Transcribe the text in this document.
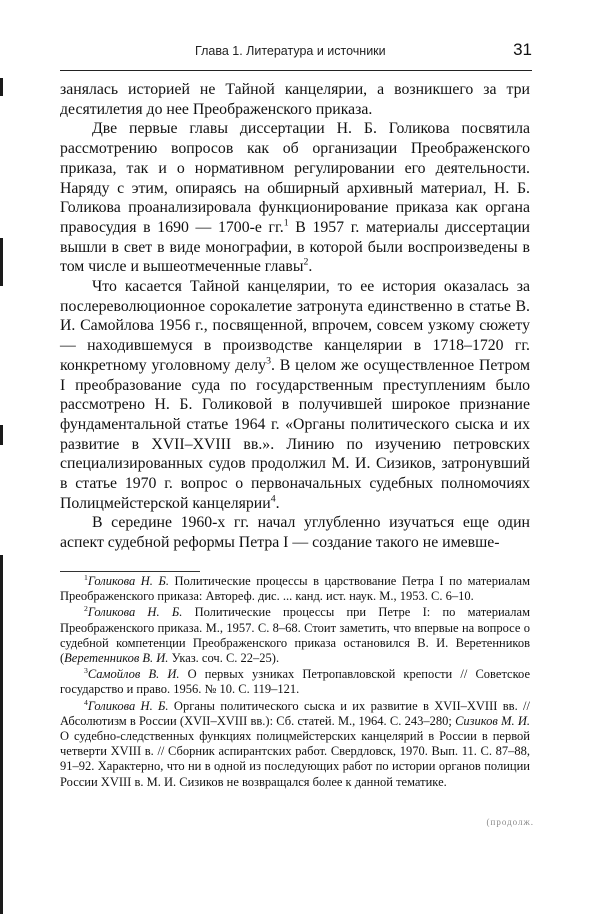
Глава 1. Литература и источники	31

занялась историей не Тайной канцелярии, а возникшего за три десятилетия до нее Преображенского приказа.

Две первые главы диссертации Н. Б. Голикова посвятила рассмотрению вопросов как об организации Преображенского приказа, так и о нормативном регулировании его деятельности. Наряду с этим, опираясь на обширный архивный материал, Н. Б. Голикова проанализировала функционирование приказа как органа правосудия в 1690 — 1700-е гг.$^1$ В 1957 г. материалы диссертации вышли в свет в виде монографии, в которой были воспроизведены в том числе и вышеотмеченные главы$^2$.

Что касается Тайной канцелярии, то ее история оказалась за послереволюционное сорокалетие затронута единственно в статье В. И. Самойлова 1956 г., посвященной, впрочем, совсем узкому сюжету — находившемуся в производстве канцелярии в 1718–1720 гг. конкретному уголовному делу$^3$. В целом же осуществленное Петром I преобразование суда по государственным преступлениям было рассмотрено Н. Б. Голиковой в получившей широкое признание фундаментальной статье 1964 г. «Органы политического сыска и их развитие в XVII–XVIII вв.». Линию по изучению петровских специализированных судов продолжил М. И. Сизиков, затронувший в статье 1970 г. вопрос о первоначальных судебных полномочиях Полицмейстерской канцелярии$^4$.

В середине 1960-х гг. начал углубленно изучаться еще один аспект судебной реформы Петра I — создание такого не имевше-

$^1$Голикова Н. Б. Политические процессы в царствование Петра I по материалам Преображенского приказа: Автореф. дис. ... канд. ист. наук. М., 1953. С. 6–10.

$^2$Голикова Н. Б. Политические процессы при Петре I: по материалам Преображенского приказа. М., 1957. С. 8–68. Стоит заметить, что впервые на вопросе о судебной компетенции Преображенского приказа остановился В. И. Веретенников (Веретенников В. И. Указ. соч. С. 22–25).

$^3$Самойлов В. И. О первых узниках Петропавловской крепости // Советское государство и право. 1956. № 10. С. 119–121.

$^4$Голикова Н. Б. Органы политического сыска и их развитие в XVII–XVIII вв. // Абсолютизм в России (XVII–XVIII вв.): Сб. статей. М., 1964. С. 243–280; Сизиков М. И. О судебно-следственных функциях полицмейстерских канцелярий в России в первой четверти XVIII в. // Сборник аспирантских работ. Свердловск, 1970. Вып. 11. С. 87–88, 91–92. Характерно, что ни в одной из последующих работ по истории органов полиции России XVIII в. М. И. Сизиков не возвращался более к данной тематике.

(продолж.
